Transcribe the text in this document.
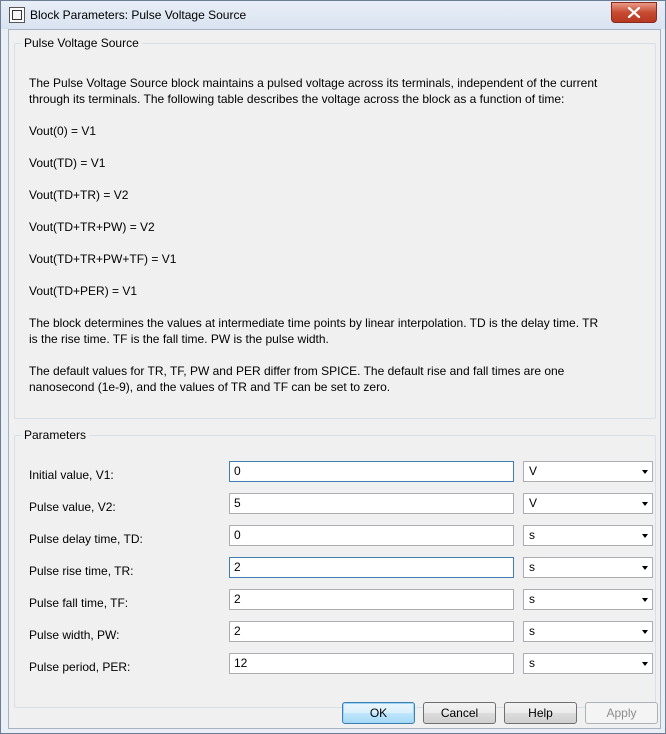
Block Parameters: Pulse Voltage Source
Pulse Voltage Source
The Pulse Voltage Source block maintains a pulsed voltage across its terminals, independent of the current
through its terminals. The following table describes the voltage across the block as a function of time:
Vout(0) = V1
Vout(TD) = V1
Vout(TD+TR) = V2
Vout(TD+TR+PW) = V2
Vout(TD+TR+PW+TF) = V1
Vout(TD+PER) = V1
The block determines the values at intermediate time points by linear interpolation. TD is the delay time. TR
is the rise time. TF is the fall time. PW is the pulse width.
The default values for TR, TF, PW and PER differ from SPICE. The default rise and fall times are one
nanosecond (1e-9), and the values of TR and TF can be set to zero.
Parameters
Initial value, V1:	0	V
Pulse value, V2:	5	V
Pulse delay time, TD:	0	s
Pulse rise time, TR:	2	s
Pulse fall time, TF:	2	s
Pulse width, PW:	2	s
Pulse period, PER:	12	s
OK	Cancel	Help	Apply
